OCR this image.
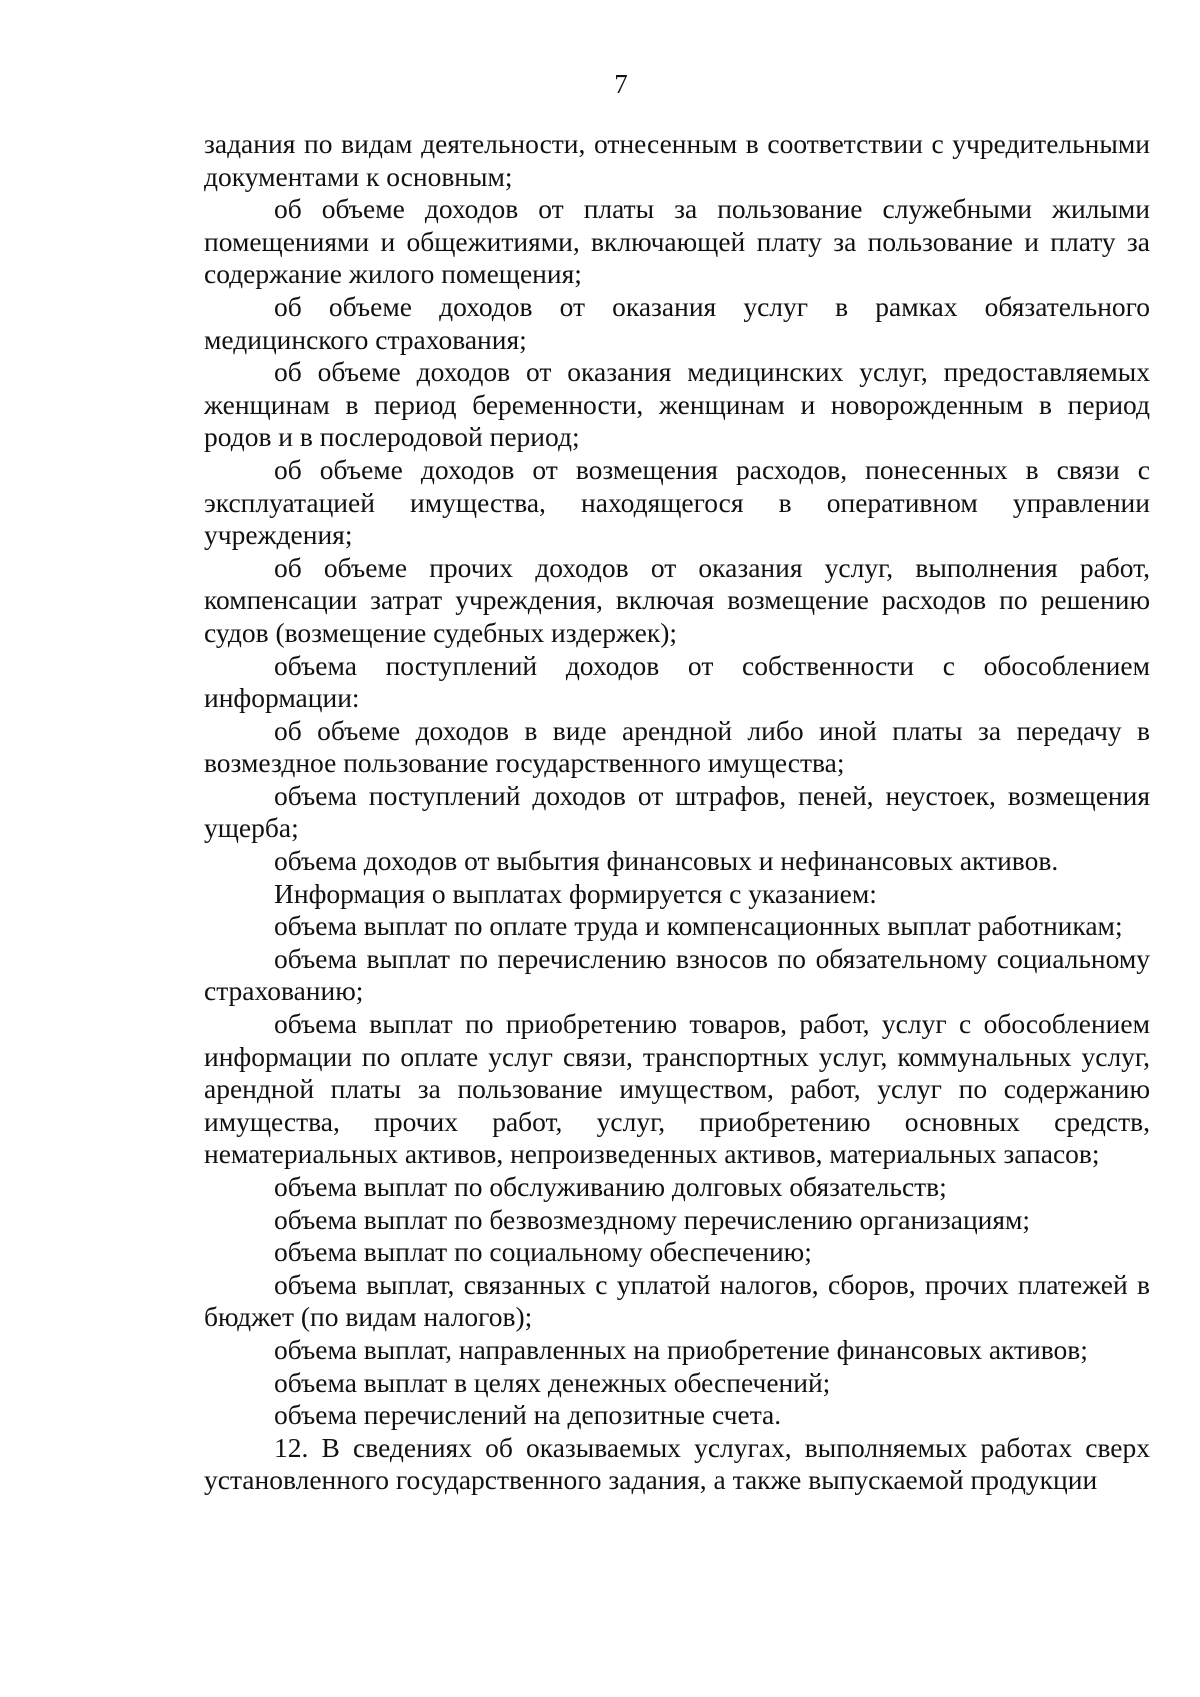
7

задания по видам деятельности, отнесенным в соответствии с учредительными документами к основным;

об объеме доходов от платы за пользование служебными жилыми помещениями и общежитиями, включающей плату за пользование и плату за содержание жилого помещения;

об объеме доходов от оказания услуг в рамках обязательного медицинского страхования;

об объеме доходов от оказания медицинских услуг, предоставляемых женщинам в период беременности, женщинам и новорожденным в период родов и в послеродовой период;

об объеме доходов от возмещения расходов, понесенных в связи с эксплуатацией имущества, находящегося в оперативном управлении учреждения;

об объеме прочих доходов от оказания услуг, выполнения работ, компенсации затрат учреждения, включая возмещение расходов по решению судов (возмещение судебных издержек);

объема поступлений доходов от собственности с обособлением информации:

об объеме доходов в виде арендной либо иной платы за передачу в возмездное пользование государственного имущества;

объема поступлений доходов от штрафов, пеней, неустоек, возмещения ущерба;

объема доходов от выбытия финансовых и нефинансовых активов.

Информация о выплатах формируется с указанием:

объема выплат по оплате труда и компенсационных выплат работникам;

объема выплат по перечислению взносов по обязательному социальному страхованию;

объема выплат по приобретению товаров, работ, услуг с обособлением информации по оплате услуг связи, транспортных услуг, коммунальных услуг, арендной платы за пользование имуществом, работ, услуг по содержанию имущества, прочих работ, услуг, приобретению основных средств, нематериальных активов, непроизведенных активов, материальных запасов;

объема выплат по обслуживанию долговых обязательств;

объема выплат по безвозмездному перечислению организациям;

объема выплат по социальному обеспечению;

объема выплат, связанных с уплатой налогов, сборов, прочих платежей в бюджет (по видам налогов);

объема выплат, направленных на приобретение финансовых активов;

объема выплат в целях денежных обеспечений;

объема перечислений на депозитные счета.

12. В сведениях об оказываемых услугах, выполняемых работах сверх установленного государственного задания, а также выпускаемой продукции
